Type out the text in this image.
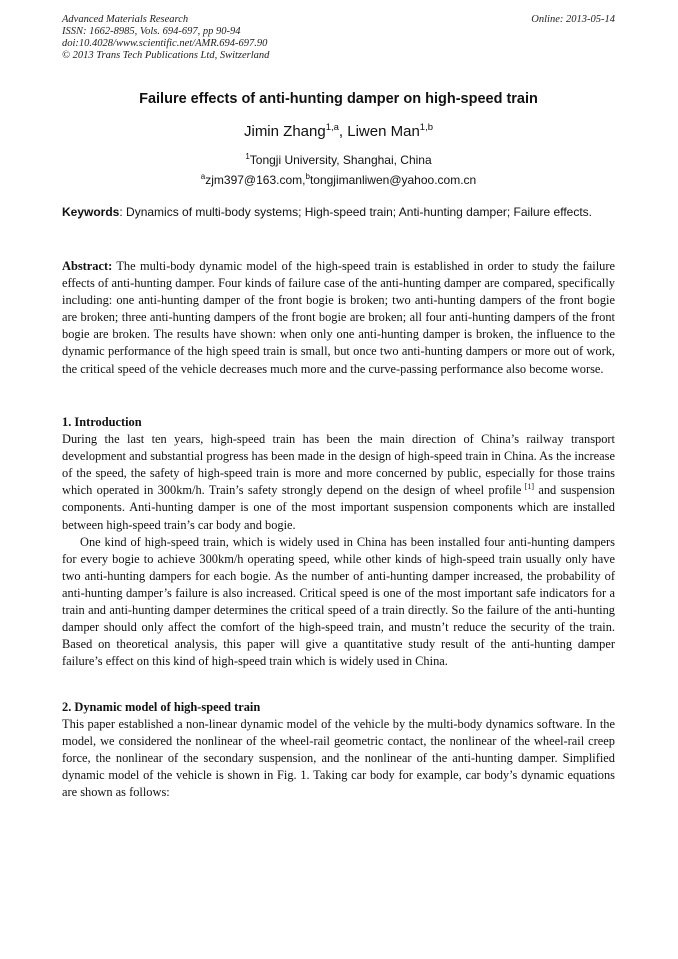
Advanced Materials Research
ISSN: 1662-8985, Vols. 694-697, pp 90-94
doi:10.4028/www.scientific.net/AMR.694-697.90
© 2013 Trans Tech Publications Ltd, Switzerland
Online: 2013-05-14
Failure effects of anti-hunting damper on high-speed train
Jimin Zhang$^{1,a}$, Liwen Man$^{1,b}$
$^1$Tongji University, Shanghai, China
$^a$zjm397@163.com,$^b$tongjimanliwen@yahoo.com.cn
Keywords: Dynamics of multi-body systems; High-speed train; Anti-hunting damper; Failure effects.

Abstract: The multi-body dynamic model of the high-speed train is established in order to study the failure effects of anti-hunting damper. Four kinds of failure case of the anti-hunting damper are compared, specifically including: one anti-hunting damper of the front bogie is broken; two anti-hunting dampers of the front bogie are broken; three anti-hunting dampers of the front bogie are broken; all four anti-hunting dampers of the front bogie are broken. The results have shown: when only one anti-hunting damper is broken, the influence to the dynamic performance of the high speed train is small, but once two anti-hunting dampers or more out of work, the critical speed of the vehicle decreases much more and the curve-passing performance also become worse.

1. Introduction

During the last ten years, high-speed train has been the main direction of China’s railway transport development and substantial progress has been made in the design of high-speed train in China. As the increase of the speed, the safety of high-speed train is more and more concerned by public, especially for those trains which operated in 300km/h. Train’s safety strongly depend on the design of wheel profile [1] and suspension components. Anti-hunting damper is one of the most important suspension components which are installed between high-speed train’s car body and bogie.

One kind of high-speed train, which is widely used in China has been installed four anti-hunting dampers for every bogie to achieve 300km/h operating speed, while other kinds of high-speed train usually only have two anti-hunting dampers for each bogie. As the number of anti-hunting damper increased, the probability of anti-hunting damper’s failure is also increased. Critical speed is one of the most important safe indicators for a train and anti-hunting damper determines the critical speed of a train directly. So the failure of the anti-hunting damper should only affect the comfort of the high-speed train, and mustn’t reduce the security of the train. Based on theoretical analysis, this paper will give a quantitative study result of the anti-hunting damper failure’s effect on this kind of high-speed train which is widely used in China.

2. Dynamic model of high-speed train

This paper established a non-linear dynamic model of the vehicle by the multi-body dynamics software. In the model, we considered the nonlinear of the wheel-rail geometric contact, the nonlinear of the wheel-rail creep force, the nonlinear of the secondary suspension, and the nonlinear of the anti-hunting damper. Simplified dynamic model of the vehicle is shown in Fig. 1. Taking car body for example, car body’s dynamic equations are shown as follows:
